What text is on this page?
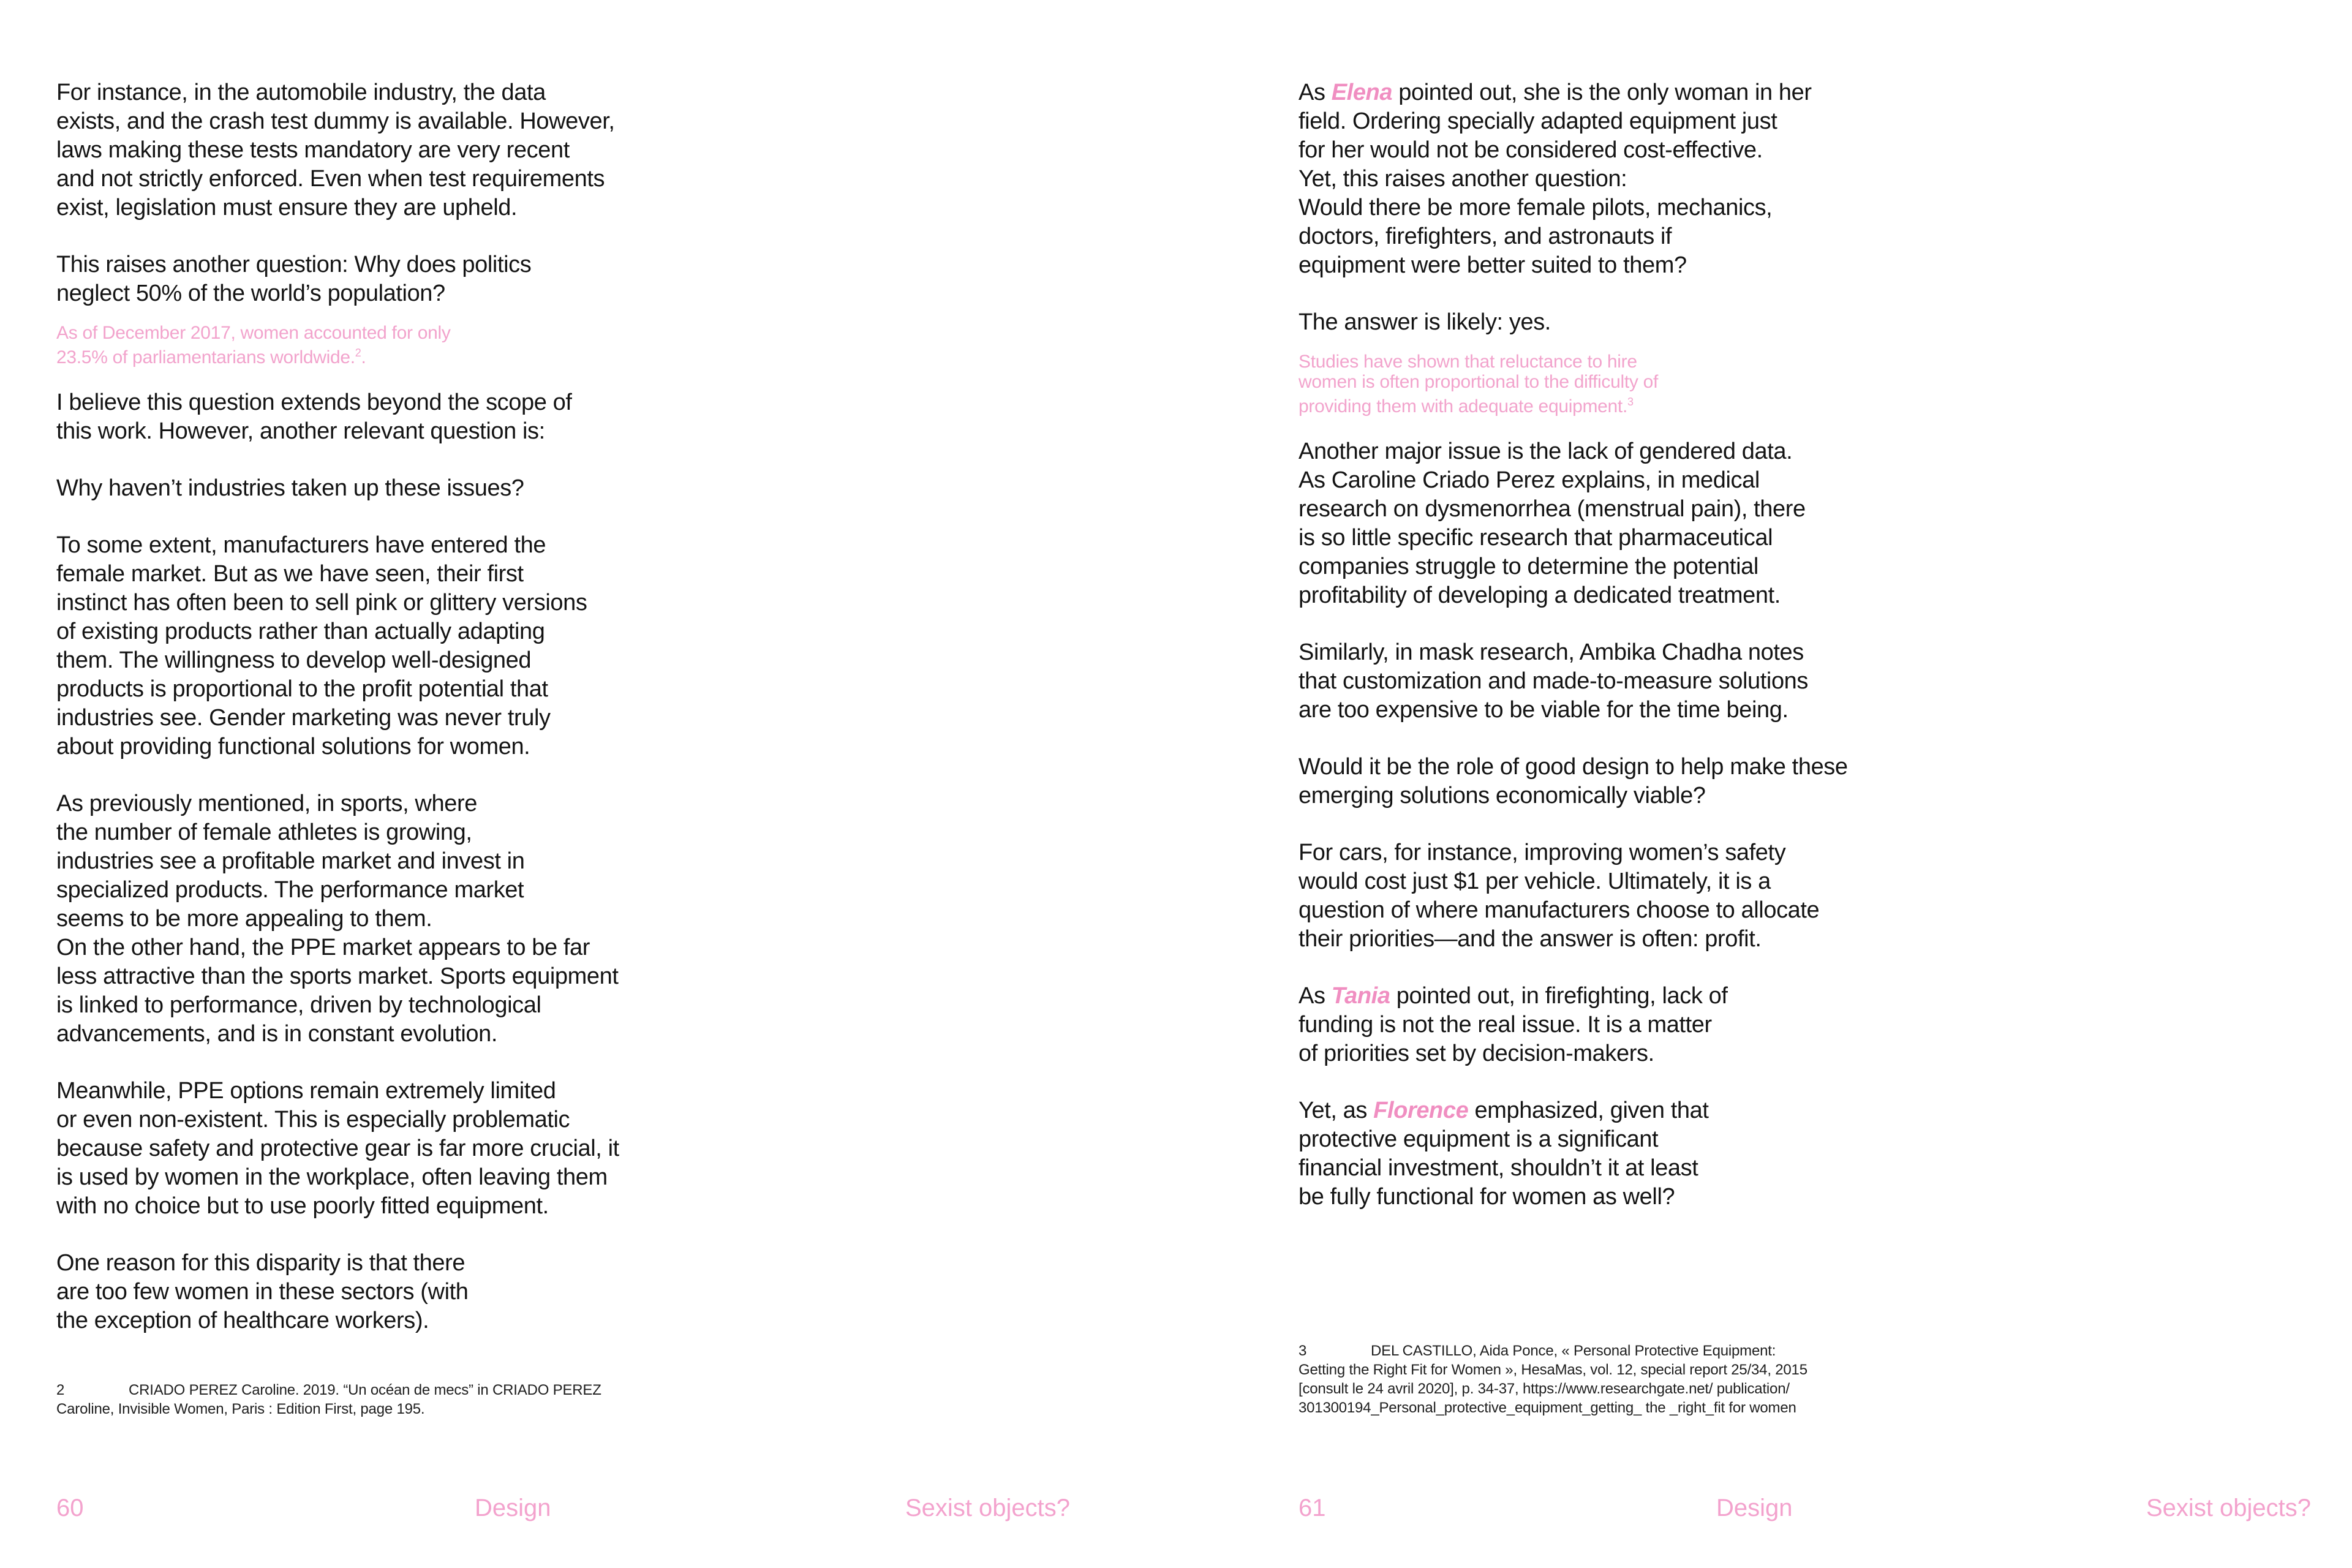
For instance, in the automobile industry, the data
exists, and the crash test dummy is available. However,
laws making these tests mandatory are very recent
and not strictly enforced. Even when test requirements
exist, legislation must ensure they are upheld.

This raises another question: Why does politics
neglect 50% of the world’s population?

As of December 2017, women accounted for only
23.5% of parliamentarians worldwide.$^2$.

I believe this question extends beyond the scope of
this work. However, another relevant question is:

Why haven’t industries taken up these issues?

To some extent, manufacturers have entered the
female market. But as we have seen, their first
instinct has often been to sell pink or glittery versions
of existing products rather than actually adapting
them. The willingness to develop well-designed
products is proportional to the profit potential that
industries see. Gender marketing was never truly
about providing functional solutions for women.

As previously mentioned, in sports, where
the number of female athletes is growing,
industries see a profitable market and invest in
specialized products. The performance market
seems to be more appealing to them.
On the other hand, the PPE market appears to be far
less attractive than the sports market. Sports equipment
is linked to performance, driven by technological
advancements, and is in constant evolution.

Meanwhile, PPE options remain extremely limited
or even non-existent. This is especially problematic
because safety and protective gear is far more crucial, it
is used by women in the workplace, often leaving them
with no choice but to use poorly fitted equipment.

One reason for this disparity is that there
are too few women in these sectors (with
the exception of healthcare workers).

2	CRIADO PEREZ Caroline. 2019. “Un océan de mecs” in CRIADO PEREZ
Caroline, Invisible Women, Paris : Edition First, page 195.
60	Design	Sexist objects?

As Elena pointed out, she is the only woman in her
field. Ordering specially adapted equipment just
for her would not be considered cost-effective.
Yet, this raises another question:
Would there be more female pilots, mechanics,
doctors, firefighters, and astronauts if
equipment were better suited to them?

The answer is likely: yes.

Studies have shown that reluctance to hire
women is often proportional to the difficulty of
providing them with adequate equipment.$^3$

Another major issue is the lack of gendered data.
As Caroline Criado Perez explains, in medical
research on dysmenorrhea (menstrual pain), there
is so little specific research that pharmaceutical
companies struggle to determine the potential
profitability of developing a dedicated treatment.

Similarly, in mask research, Ambika Chadha notes
that customization and made-to-measure solutions
are too expensive to be viable for the time being.

Would it be the role of good design to help make these
emerging solutions economically viable?

For cars, for instance, improving women’s safety
would cost just $1 per vehicle. Ultimately, it is a
question of where manufacturers choose to allocate
their priorities—and the answer is often: profit.

As Tania pointed out, in firefighting, lack of
funding is not the real issue. It is a matter
of priorities set by decision-makers.

Yet, as Florence emphasized, given that
protective equipment is a significant
financial investment, shouldn’t it at least
be fully functional for women as well?

3	DEL CASTILLO, Aida Ponce, « Personal Protective Equipment:
Getting the Right Fit for Women », HesaMas, vol. 12, special report 25/34, 2015
[consult le 24 avril 2020], p. 34-37, https://www.researchgate.net/ publication/
301300194_Personal_protective_equipment_getting_ the _right_fit for women
61	Design	Sexist objects?
